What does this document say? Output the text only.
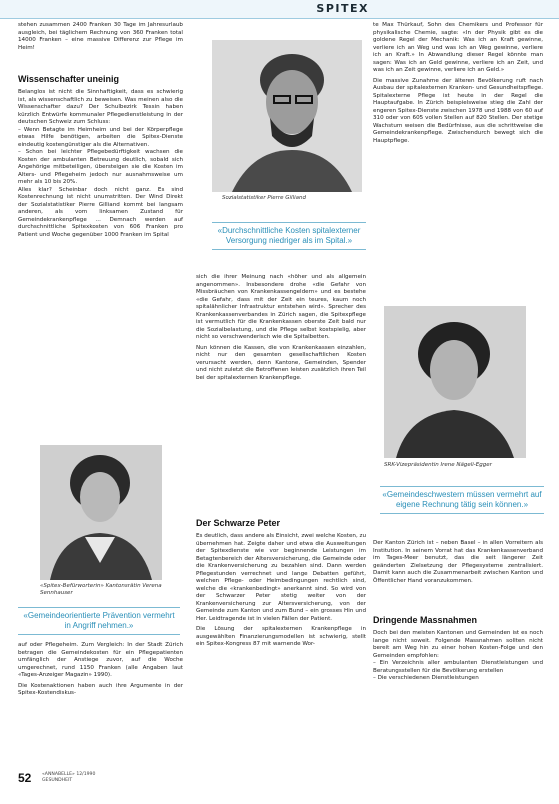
SPITEX

stehen zusammen 2400 Franken 30 Tage im Jahresurlaub ausgleich, bei täglichem Rechnung von 360 Franken total 14000 Franken – eine massive Differenz zur Pflege im Heim!

Wissenschafter uneinig

Belanglos ist nicht die Sinnhaftigkeit, dass es schwierig ist, als wissenschaftlich zu beweisen. Was meinen also die Wissenschafter dazu? Der Schulbezirk Tessin haben kürzlich Entwürfe kommunaler Pflegedienstleistung in der deutschen Schweiz zum Schluss:

– Wenn Betagte im Heimheim und bei der Körperpflege etwas Hilfe benötigen, arbeiten die Spitex-Dienste eindeutig kostengünstiger als die Alternativen.

– Schon bei leichter Pflegebedürftigkeit wachsen die Kosten der ambulanten Betreuung deutlich, sobald sich Angehörige mitbeteiligen, übersteigen sie die Kosten im Alters- und Pflegeheim jedoch nur ausnahmsweise um mehr als 10 bis 20%.

Alles klar? Scheinbar doch nicht ganz. Es sind Kostenrechnung ist nicht unumstritten. Der Wind Direkt der Sozialstatistiker Pierre Gilliand kommt bei langsam anderen, als vom linksamen Zustand für Gemeindekrankenpflege … Demnach werden auf durchschnittliche Spitexkosten von 606 Franken pro Patient und Woche gegenüber 1000 Franken im Spital

«Spitex-Befürworterin» Kantonsrätin Verena Sennhauser
«Gemeindeorientierte Prävention vermehrt in Angriff nehmen.»

auf oder Pflegeheim. Zum Vergleich: In der Stadt Zürich betragen die Gemeindekosten für ein Pflegepatienten umfänglich der Anstiege zuvor, auf die Woche umgerechnet, rund 1150 Franken (alle Angaben laut «Tages-Anzeiger Magazin» 1990).

Die Kostenaktionen haben auch ihre Argumente in der Spitex-Kostendiskus-

Sozialstatistiker Pierre Gilliand
«Durchschnittliche Kosten spitalexterner Versorgung niedriger als im Spital.»

sich die ihrer Meinung nach «höher und als allgemein angenommen». Insbesondere drohe «die Gefahr von Missbräuchen von Krankenkassengeldern» und es bestehe «die Gefahr, dass mit der Zeit ein teures, kaum noch spitalähnlicher Infrastruktur entstehen wird». Sprecher des Krankenkassenverbandes in Zürich sagen, die Spitexpflege ist vermutlich für die Krankenkassen oberste Zeit bald nur die Sozialbelastung, und die Pflege selbst kostspielig, aber nicht so verschwenderisch wie die Spitalbetten.

Nun können die Kassen, die von Krankenkassen einzahlen, nicht nur den gesamten gesellschaftlichen Kosten verursacht werden, denn Kantone, Gemeinden, Spender und nicht zuletzt die Betroffenen leisten zusätzlich ihren Teil bei der spitalexternen Krankenpflege.

Der Schwarze Peter

Es deutlich, dass andere als Einsicht, zwei welche Kosten, zu übernehmen hat. Zeigte daher und etwa die Ausweitungen der Spitexdienste wie vor beginnende Leistungen im Betagtenbereich der Altersversicherung, die Gemeinde oder die Krankenversicherung zu bezahlen sind. Dann werden Pflegestunden verrechnet und lange Debatten geführt, welchen Pflege- oder Heimbedingungen rechtlich sind, welche die «krankenbedingt» anerkannt sind. So wird von der Schwarzer Peter stetig weiter von der Krankenversicherung zur Altersversicherung, von der Gemeinde zum Kanton und zum Bund – ein grosses Hin und Her. Leidtragende ist in vielen Fällen der Patient.

Die Lösung der spitalexternen Krankenpflege in ausgewählten Finanzierungsmodellen ist schwierig, stellt ein Spitex-Kongress 87 mit warnende Wor-

te Max Thürkauf, Sohn des Chemikers und Professor für physikalische Chemie, sagte: «In der Physik gibt es die goldene Regel der Mechanik: Was ich an Kraft gewinne, verliere ich an Weg und was ich an Weg gewinne, verliere ich an Kraft.» In Abwandlung dieser Regel könnte man sagen: Was ich an Geld gewinne, verliere ich an Zeit, und was ich an Zeit gewinne, verliere ich an Geld.»

Die massive Zunahme der älteren Bevölkerung ruft nach Ausbau der spitalexternen Kranken- und Gesundheitspflege. Spitalexterne Pflege ist heute in der Regel die Hauptaufgabe. In Zürich beispielsweise stieg die Zahl der engeren Spitex-Dienste zwischen 1978 und 1988 von 60 auf 310 oder von 605 vollen Stellen auf 820 Stellen. Der stetige Wachstum weisen die Bedürfnisse, aus die schrittweise die Gemeindekrankenpflege. Zwischendurch bewegt sich die Hauptpflege.

SRK-Vizepräsidentin Irene Nägeli-Egger
«Gemeindeschwestern müssen vermehrt auf eigene Rechnung tätig sein können.»

Der Kanton Zürich ist – neben Basel – in allen Vorreitern als Institution. In seinem Vorrat hat das Krankenkassenverband im Tages-Meer benutzt, das die seit längerer Zeit geänderten Zielsetzung der Pflegesysteme zentralisiert. Damit kann auch die Zusammenarbeit zwischen Kanton und Öffentlicher Hand voranzukommen.

Dringende Massnahmen

Doch bei den meisten Kantonen und Gemeinden ist es noch lange nicht soweit. Folgende Massnahmen sollten nicht bereit am Weg hin zu einer hohen Kosten-Folge und den Gemeinden empfohlen:

– Ein Verzeichnis aller ambulanten Dienstleistungen und Beratungsstellen für die Bevölkerung erstellen

– Die verschiedenen Dienstleistungen

52 «ANNABELLE» 12/1990
GESUNDHEIT
